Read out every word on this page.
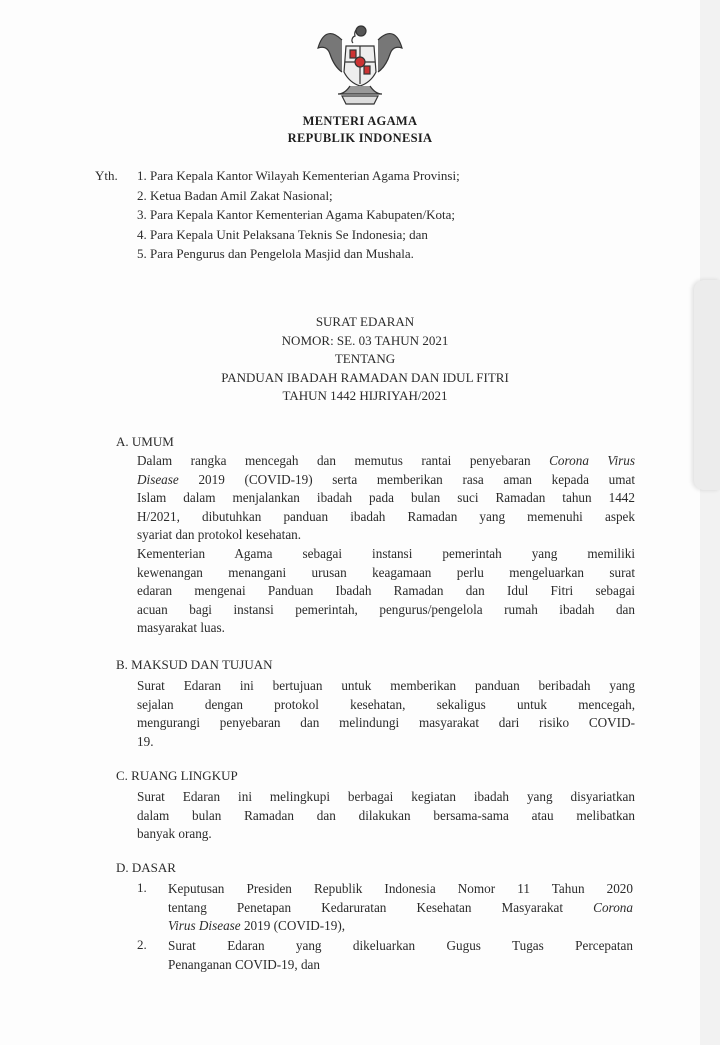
MENTERI AGAMA
REPUBLIK INDONESIA
Yth. 1. Para Kepala Kantor Wilayah Kementerian Agama Provinsi;
2. Ketua Badan Amil Zakat Nasional;
3. Para Kepala Kantor Kementerian Agama Kabupaten/Kota;
4. Para Kepala Unit Pelaksana Teknis Se Indonesia; dan
5. Para Pengurus dan Pengelola Masjid dan Mushala.
SURAT EDARAN
NOMOR: SE. 03 TAHUN 2021
TENTANG
PANDUAN IBADAH RAMADAN DAN IDUL FITRI
TAHUN 1442 HIJRIYAH/2021
A. UMUM
Dalam rangka mencegah dan memutus rantai penyebaran Corona Virus
Disease 2019 (COVID-19) serta memberikan rasa aman kepada umat
Islam dalam menjalankan ibadah pada bulan suci Ramadan tahun 1442
H/2021, dibutuhkan panduan ibadah Ramadan yang memenuhi aspek
syariat dan protokol kesehatan.
Kementerian Agama sebagai instansi pemerintah yang memiliki
kewenangan menangani urusan keagamaan perlu mengeluarkan surat
edaran mengenai Panduan Ibadah Ramadan dan Idul Fitri sebagai
acuan bagi instansi pemerintah, pengurus/pengelola rumah ibadah dan
masyarakat luas.
B. MAKSUD DAN TUJUAN
Surat Edaran ini bertujuan untuk memberikan panduan beribadah yang
sejalan dengan protokol kesehatan, sekaligus untuk mencegah,
mengurangi penyebaran dan melindungi masyarakat dari risiko COVID-
19.
C. RUANG LINGKUP
Surat Edaran ini melingkupi berbagai kegiatan ibadah yang disyariatkan
dalam bulan Ramadan dan dilakukan bersama-sama atau melibatkan
banyak orang.
D. DASAR
1. Keputusan Presiden Republik Indonesia Nomor 11 Tahun 2020
tentang Penetapan Kedaruratan Kesehatan Masyarakat Corona
Virus Disease 2019 (COVID-19),
2. Surat Edaran yang dikeluarkan Gugus Tugas Percepatan
Penanganan COVID-19, dan
